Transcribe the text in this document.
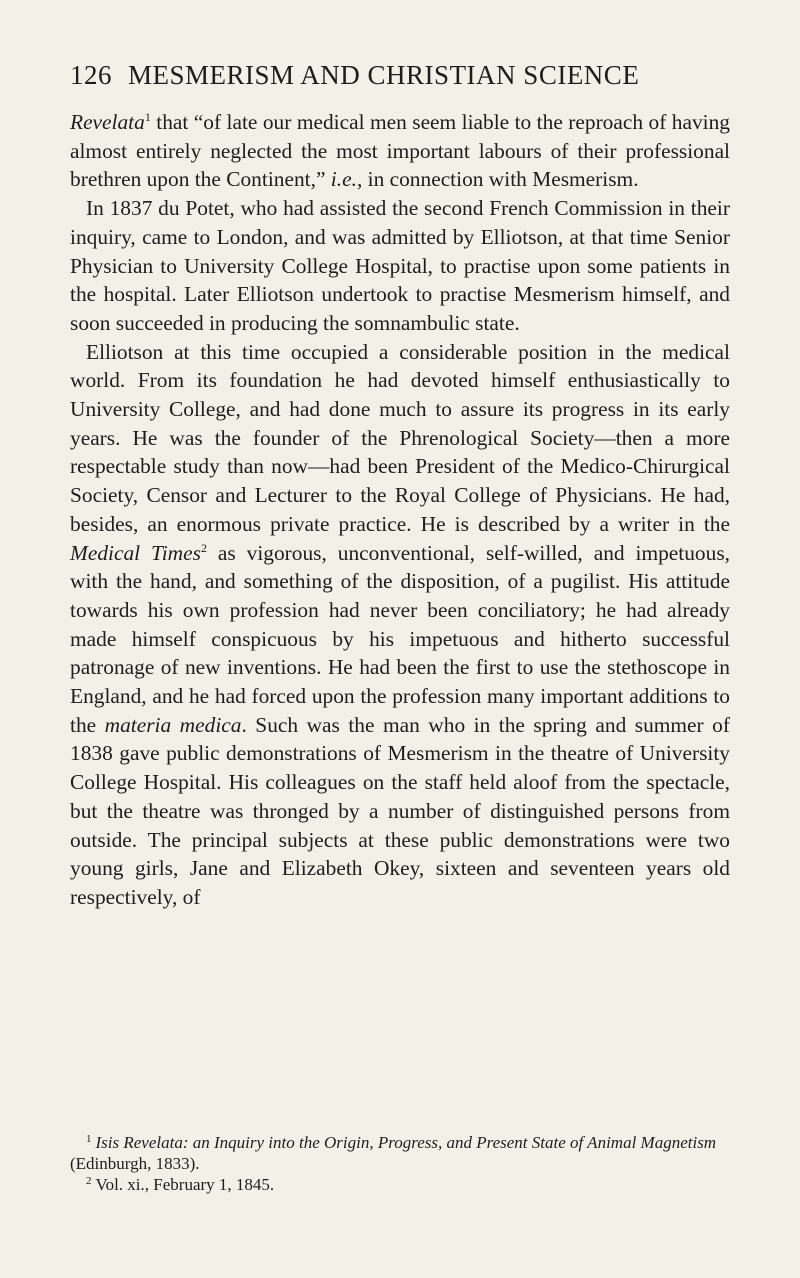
126 MESMERISM AND CHRISTIAN SCIENCE

Revelata$^1$ that “of late our medical men seem liable to the reproach of having almost entirely neglected the most important labours of their professional brethren upon the Continent,” i.e., in connection with Mesmerism.

In 1837 du Potet, who had assisted the second French Commission in their inquiry, came to London, and was admitted by Elliotson, at that time Senior Physician to University College Hospital, to practise upon some patients in the hospital. Later Elliotson undertook to practise Mesmerism himself, and soon succeeded in producing the somnambulic state.

Elliotson at this time occupied a considerable position in the medical world. From its foundation he had devoted himself enthusiastically to University College, and had done much to assure its progress in its early years. He was the founder of the Phrenological Society—then a more respectable study than now—had been President of the Medico-Chirurgical Society, Censor and Lecturer to the Royal College of Physicians. He had, besides, an enormous private practice. He is described by a writer in the Medical Times$^2$ as vigorous, unconventional, self-willed, and impetuous, with the hand, and something of the disposition, of a pugilist. His attitude towards his own profession had never been conciliatory; he had already made himself conspicuous by his impetuous and hitherto successful patronage of new inventions. He had been the first to use the stethoscope in England, and he had forced upon the profession many important additions to the materia medica. Such was the man who in the spring and summer of 1838 gave public demonstrations of Mesmerism in the theatre of University College Hospital. His colleagues on the staff held aloof from the spectacle, but the theatre was thronged by a number of distinguished persons from outside. The principal subjects at these public demonstrations were two young girls, Jane and Elizabeth Okey, sixteen and seventeen years old respectively, of

$^1$ Isis Revelata: an Inquiry into the Origin, Progress, and Present State of Animal Magnetism (Edinburgh, 1833).

$^2$ Vol. xi., February 1, 1845.
